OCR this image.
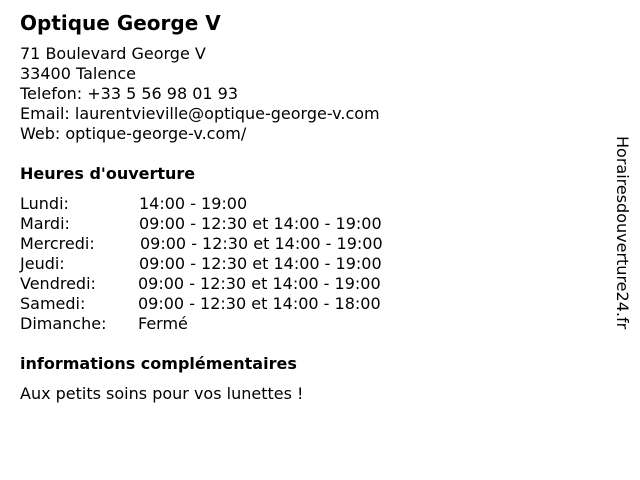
Optique George V
71 Boulevard George V
33400 Talence
Telefon: +33 5 56 98 01 93
Email: laurentvieville@optique-george-v.com
Web: optique-george-v.com/
Heures d'ouverture
Lundi:	14:00 - 19:00
Mardi:	09:00 - 12:30 et 14:00 - 19:00
Mercredi:	09:00 - 12:30 et 14:00 - 19:00
Jeudi:	09:00 - 12:30 et 14:00 - 19:00
Vendredi:	09:00 - 12:30 et 14:00 - 19:00
Samedi:	09:00 - 12:30 et 14:00 - 18:00
Dimanche: Fermé
informations complémentaires
Aux petits soins pour vos lunettes !
Horairesdouverture24.fr
